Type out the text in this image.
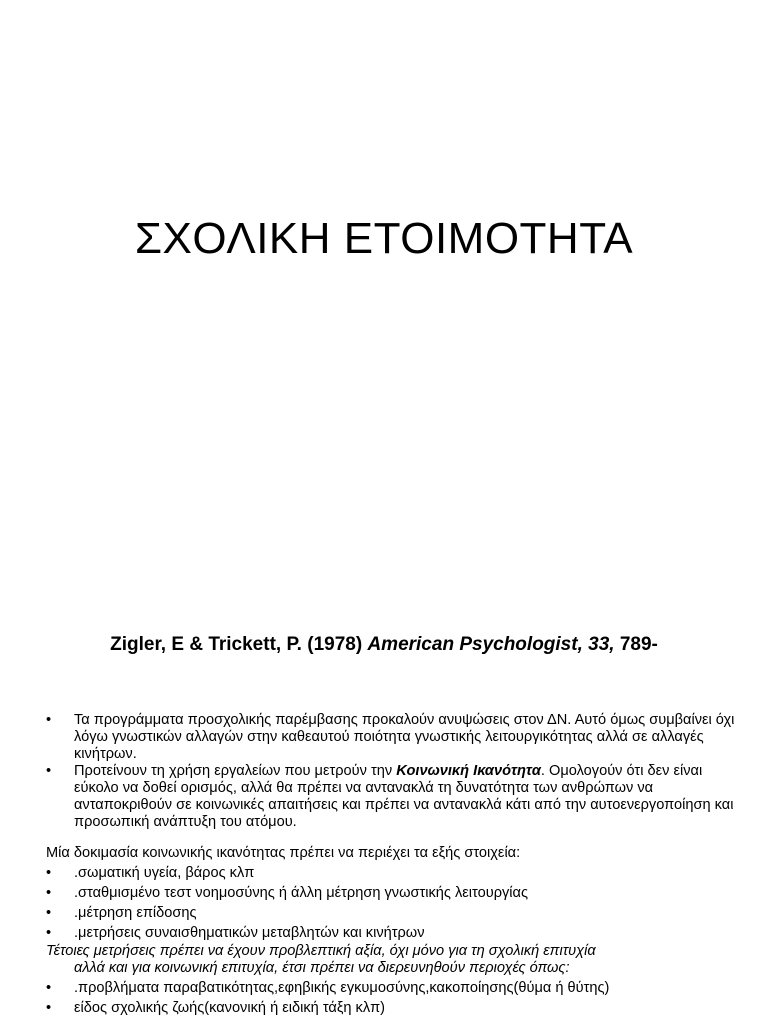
ΣΧΟΛΙΚΗ ΕΤΟΙΜΟΤΗΤΑ
Zigler, E & Trickett, P. (1978) American Psychologist, 33, 789-
• Τα προγράμματα προσχολικής παρέμβασης προκαλούν ανυψώσεις στον ΔΝ. Αυτό όμως συμβαίνει όχι λόγω γνωστικών αλλαγών στην καθεαυτού ποιότητα γνωστικής λειτουργικότητας αλλά σε αλλαγές κινήτρων.
• Προτείνουν τη χρήση εργαλείων που μετρούν την Κοινωνική Ικανότητα. Ομολογούν ότι δεν είναι εύκολο να δοθεί ορισμός, αλλά θα πρέπει να αντανακλά τη δυνατότητα των ανθρώπων να ανταποκριθούν σε κοινωνικές απαιτήσεις και πρέπει να αντανακλά κάτι από την αυτοενεργοποίηση και προσωπική ανάπτυξη του ατόμου.
Μία δοκιμασία κοινωνικής ικανότητας πρέπει να περιέχει τα εξής στοιχεία:
• .σωματική υγεία, βάρος κλπ
• .σταθμισμένο τεστ νοημοσύνης ή άλλη μέτρηση γνωστικής λειτουργίας
• .μέτρηση επίδοσης
• .μετρήσεις συναισθηματικών μεταβλητών και κινήτρων
Τέτοιες μετρήσεις πρέπει να έχουν προβλεπτική αξία, όχι μόνο για τη σχολική επιτυχία
αλλά και για κοινωνική επιτυχία, έτσι πρέπει να διερευνηθούν περιοχές όπως:
• .προβλήματα παραβατικότητας,εφηβικής εγκυμοσύνης,κακοποίησης(θύμα ή θύτης)
• είδος σχολικής ζωής(κανονική ή ειδική τάξη κλπ)
